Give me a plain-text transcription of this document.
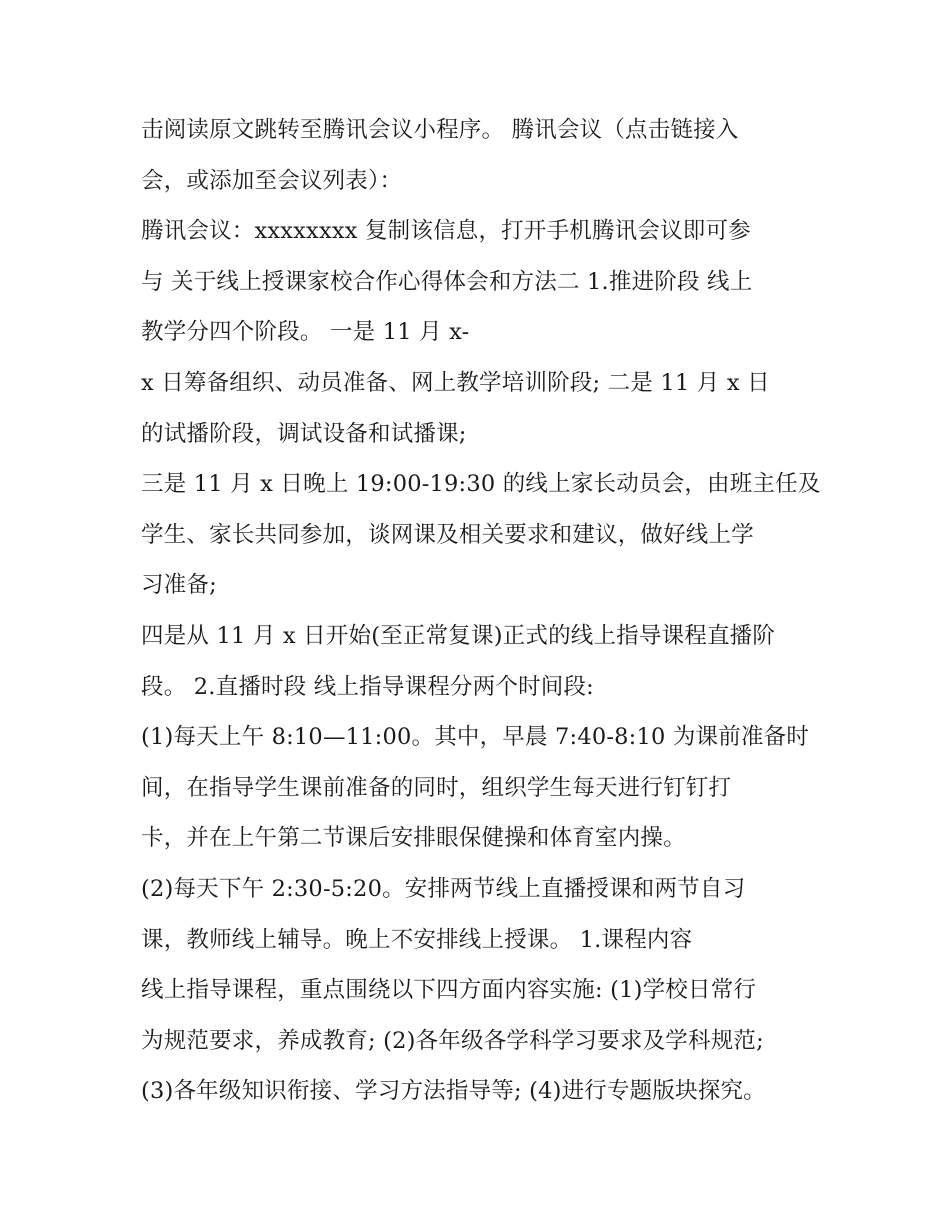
击阅读原文跳转至腾讯会议小程序。 腾讯会议（点击链接入
会，或添加至会议列表）：
腾讯会议：xxxxxxxx 复制该信息，打开手机腾讯会议即可参
与 关于线上授课家校合作心得体会和方法二 1.推进阶段 线上
教学分四个阶段。 一是 11 月 x-
x 日筹备组织、动员准备、网上教学培训阶段; 二是 11 月 x 日
的试播阶段，调试设备和试播课;
三是 11 月 x 日晚上 19:00-19:30 的线上家长动员会，由班主任及
学生、家长共同参加，谈网课及相关要求和建议，做好线上学
习准备;
四是从 11 月 x 日开始(至正常复课)正式的线上指导课程直播阶
段。 2.直播时段 线上指导课程分两个时间段:
(1)每天上午 8:10—11:00。其中，早晨 7:40-8:10 为课前准备时
间，在指导学生课前准备的同时，组织学生每天进行钉钉打
卡，并在上午第二节课后安排眼保健操和体育室内操。
(2)每天下午 2:30-5:20。安排两节线上直播授课和两节自习
课，教师线上辅导。晚上不安排线上授课。 1.课程内容
线上指导课程，重点围绕以下四方面内容实施: (1)学校日常行
为规范要求，养成教育; (2)各年级各学科学习要求及学科规范;
(3)各年级知识衔接、学习方法指导等; (4)进行专题版块探究。
